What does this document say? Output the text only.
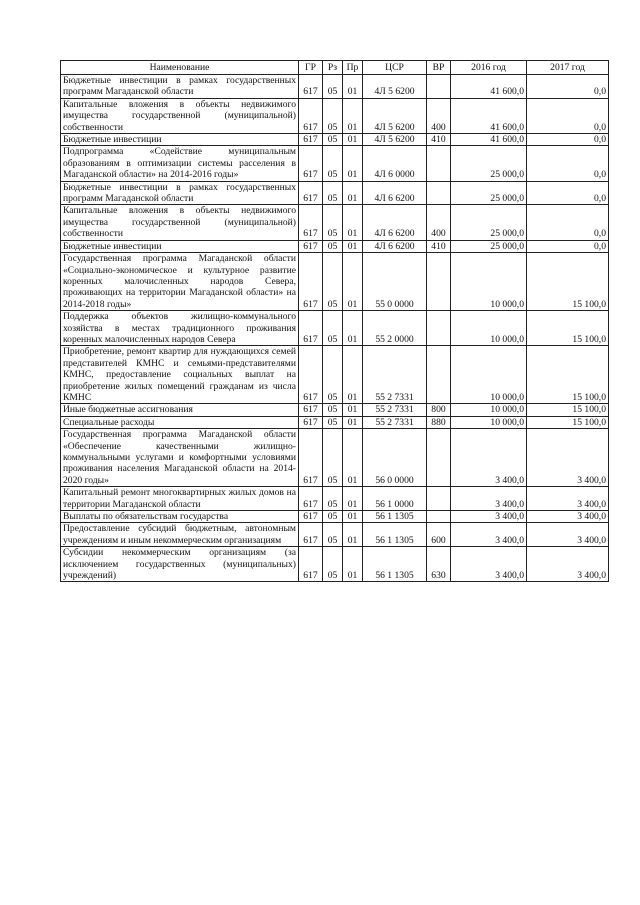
Наименование	ГР	Рз	Пр	ЦСР	ВР	2016 год	2017 год
Бюджетные инвестиции в рамках государственных программ Магаданской области	617	05	01	4Л 5 6200		41 600,0	0,0
Капитальные вложения в объекты недвижимого имущества государственной (муниципальной) собственности	617	05	01	4Л 5 6200	400	41 600,0	0,0
Бюджетные инвестиции	617	05	01	4Л 5 6200	410	41 600,0	0,0
Подпрограмма «Содействие муниципальным образованиям в оптимизации системы расселения в Магаданской области» на 2014-2016 годы»	617	05	01	4Л 6 0000		25 000,0	0,0
Бюджетные инвестиции в рамках государственных программ Магаданской области	617	05	01	4Л 6 6200		25 000,0	0,0
Капитальные вложения в объекты недвижимого имущества государственной (муниципальной) собственности	617	05	01	4Л 6 6200	400	25 000,0	0,0
Бюджетные инвестиции	617	05	01	4Л 6 6200	410	25 000,0	0,0
Государственная программа Магаданской области «Социально-экономическое и культурное развитие коренных малочисленных народов Севера, проживающих на территории Магаданской области» на 2014-2018 годы»	617	05	01	55 0 0000		10 000,0	15 100,0
Поддержка объектов жилищно-коммунального хозяйства в местах традиционного проживания коренных малочисленных народов Севера	617	05	01	55 2 0000		10 000,0	15 100,0
Приобретение, ремонт квартир для нуждающихся семей представителей КМНС и семьями-представителями КМНС, предоставление социальных выплат на приобретение жилых помещений гражданам из числа КМНС	617	05	01	55 2 7331		10 000,0	15 100,0
Иные бюджетные ассигнования	617	05	01	55 2 7331	800	10 000,0	15 100,0
Специальные расходы	617	05	01	55 2 7331	880	10 000,0	15 100,0
Государственная программа Магаданской области «Обеспечение качественными жилищно-коммунальными услугами и комфортными условиями проживания населения Магаданской области на 2014-2020 годы»	617	05	01	56 0 0000		3 400,0	3 400,0
Капитальный ремонт многоквартирных жилых домов на территории Магаданской области	617	05	01	56 1 0000		3 400,0	3 400,0
Выплаты по обязательствам государства	617	05	01	56 1 1305		3 400,0	3 400,0
Предоставление субсидий бюджетным, автономным учреждениям и иным некоммерческим организациям	617	05	01	56 1 1305	600	3 400,0	3 400,0
Субсидии некоммерческим организациям (за исключением государственных (муниципальных) учреждений)	617	05	01	56 1 1305	630	3 400,0	3 400,0
